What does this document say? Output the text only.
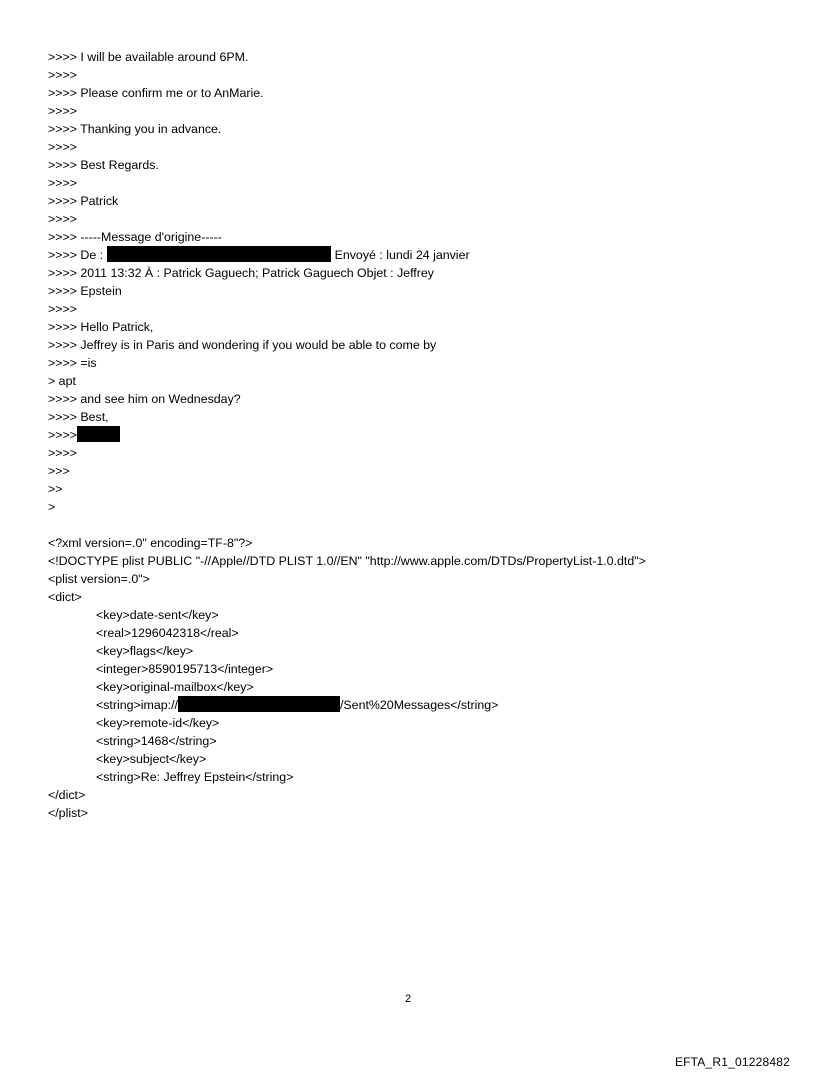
>>>> I will be available around 6PM.
>>>>
>>>> Please confirm me or to AnMarie.
>>>>
>>>> Thanking you in advance.
>>>>
>>>> Best Regards.
>>>>
>>>> Patrick
>>>>
>>>> -----Message d'origine-----
>>>> De :	Envoyé : lundi 24 janvier
>>>> 2011 13:32 À : Patrick Gaguech; Patrick Gaguech Objet : Jeffrey
>>>> Epstein
>>>>
>>>> Hello Patrick,
>>>> Jeffrey is in Paris and wondering if you would be able to come by
>>>> =is
> apt
>>>> and see him on Wednesday?
>>>> Best,
>>>>
>>>>
>>>
>>
>
<?xml version=.0" encoding=TF-8"?>
<!DOCTYPE plist PUBLIC "-//Apple//DTD PLIST 1.0//EN" "http://www.apple.com/DTDs/PropertyList-1.0.dtd">
<plist version=.0">
<dict>
<key>date-sent</key>
<real>1296042318</real>
<key>flags</key>
<integer>8590195713</integer>
<key>original-mailbox</key>
<string>imap://	/Sent%20Messages</string>
<key>remote-id</key>
<string>1468</string>
<key>subject</key>
<string>Re: Jeffrey Epstein</string>
</dict>
</plist>
2
EFTA_R1_01228482
